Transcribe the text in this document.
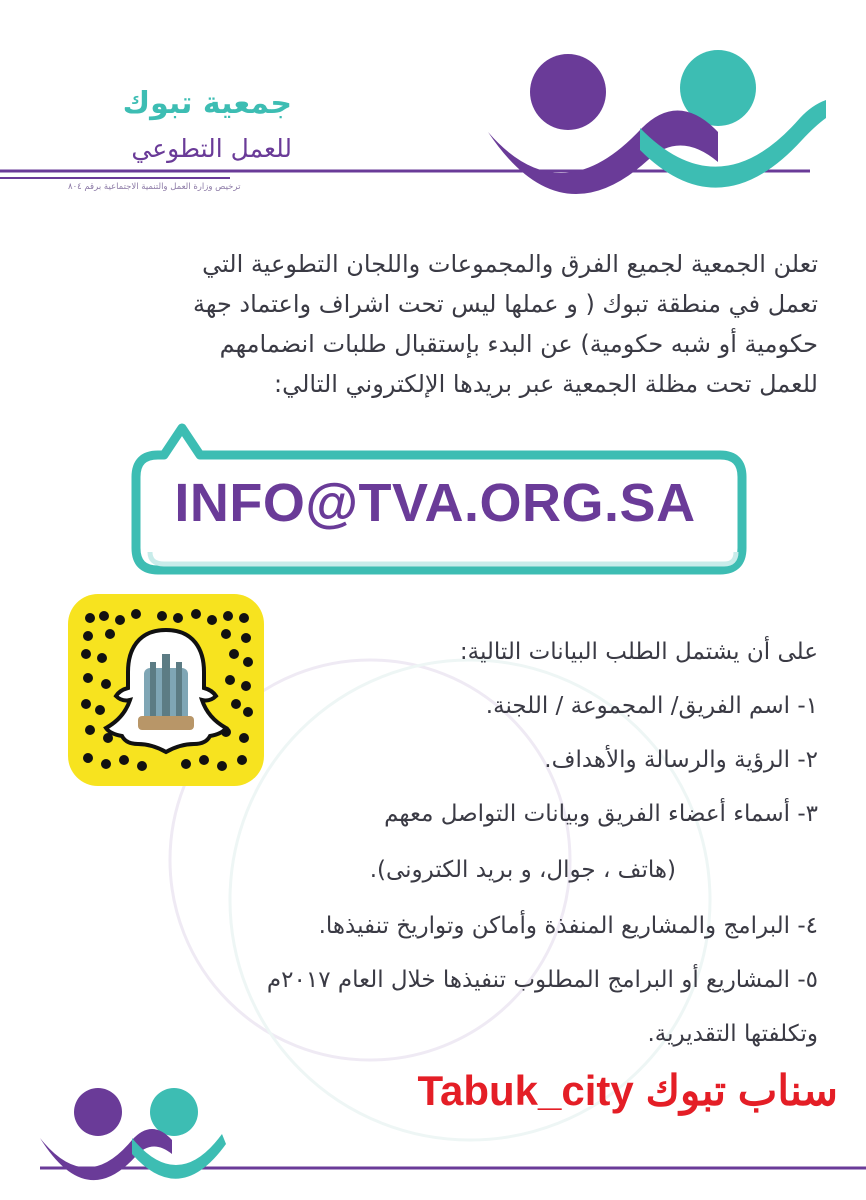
جمعية تبوك
للعمل التطوعي
ترخيص وزارة العمل والتنمية الاجتماعية برقم ٨٠٤
تعلن الجمعية لجميع الفرق والمجموعات واللجان التطوعية التي
تعمل في منطقة تبوك ( و عملها ليس تحت اشراف واعتماد جهة
حكومية أو شبه حكومية) عن البدء بإستقبال طلبات انضمامهم
للعمل تحت مظلة الجمعية عبر بريدها الإلكتروني التالي:
INFO@TVA.ORG.SA
على أن يشتمل الطلب البيانات التالية:
١- اسم الفريق/ المجموعة / اللجنة.
٢- الرؤية والرسالة والأهداف.
٣- أسماء أعضاء الفريق وبيانات التواصل معهم
(هاتف ، جوال، و بريد الكترونى).
٤- البرامج والمشاريع المنفذة وأماكن وتواريخ تنفيذها.
٥- المشاريع أو البرامج المطلوب تنفيذها خلال العام ٢٠١٧م
وتكلفتها التقديرية.
سناب تبوك Tabuk_city
